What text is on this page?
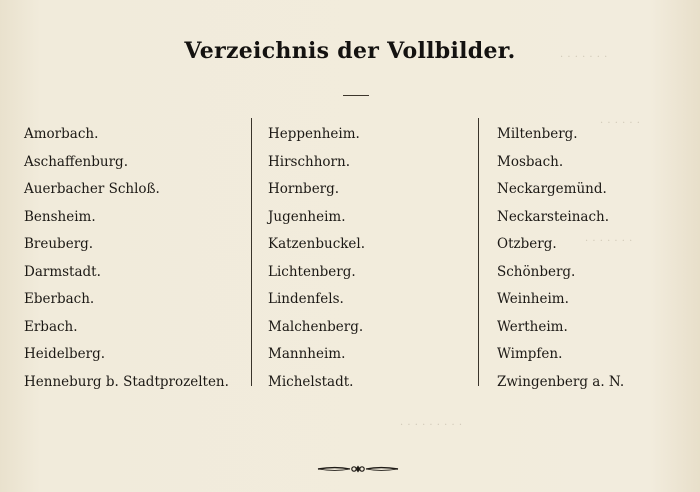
· · · · · · ·
· · · · · ·
· · · · · · ·
· · · · · · · · ·
Verzeichnis der Vollbilder.
Amorbach.
Aschaffenburg.
Auerbacher Schloß.
Bensheim.
Breuberg.
Darmstadt.
Eberbach.
Erbach.
Heidelberg.
Henneburg b. Stadtprozelten.
Heppenheim.
Hirschhorn.
Hornberg.
Jugenheim.
Katzenbuckel.
Lichtenberg.
Lindenfels.
Malchenberg.
Mannheim.
Michelstadt.
Miltenberg.
Mosbach.
Neckargemünd.
Neckarsteinach.
Otzberg.
Schönberg.
Weinheim.
Wertheim.
Wimpfen.
Zwingenberg a. N.
